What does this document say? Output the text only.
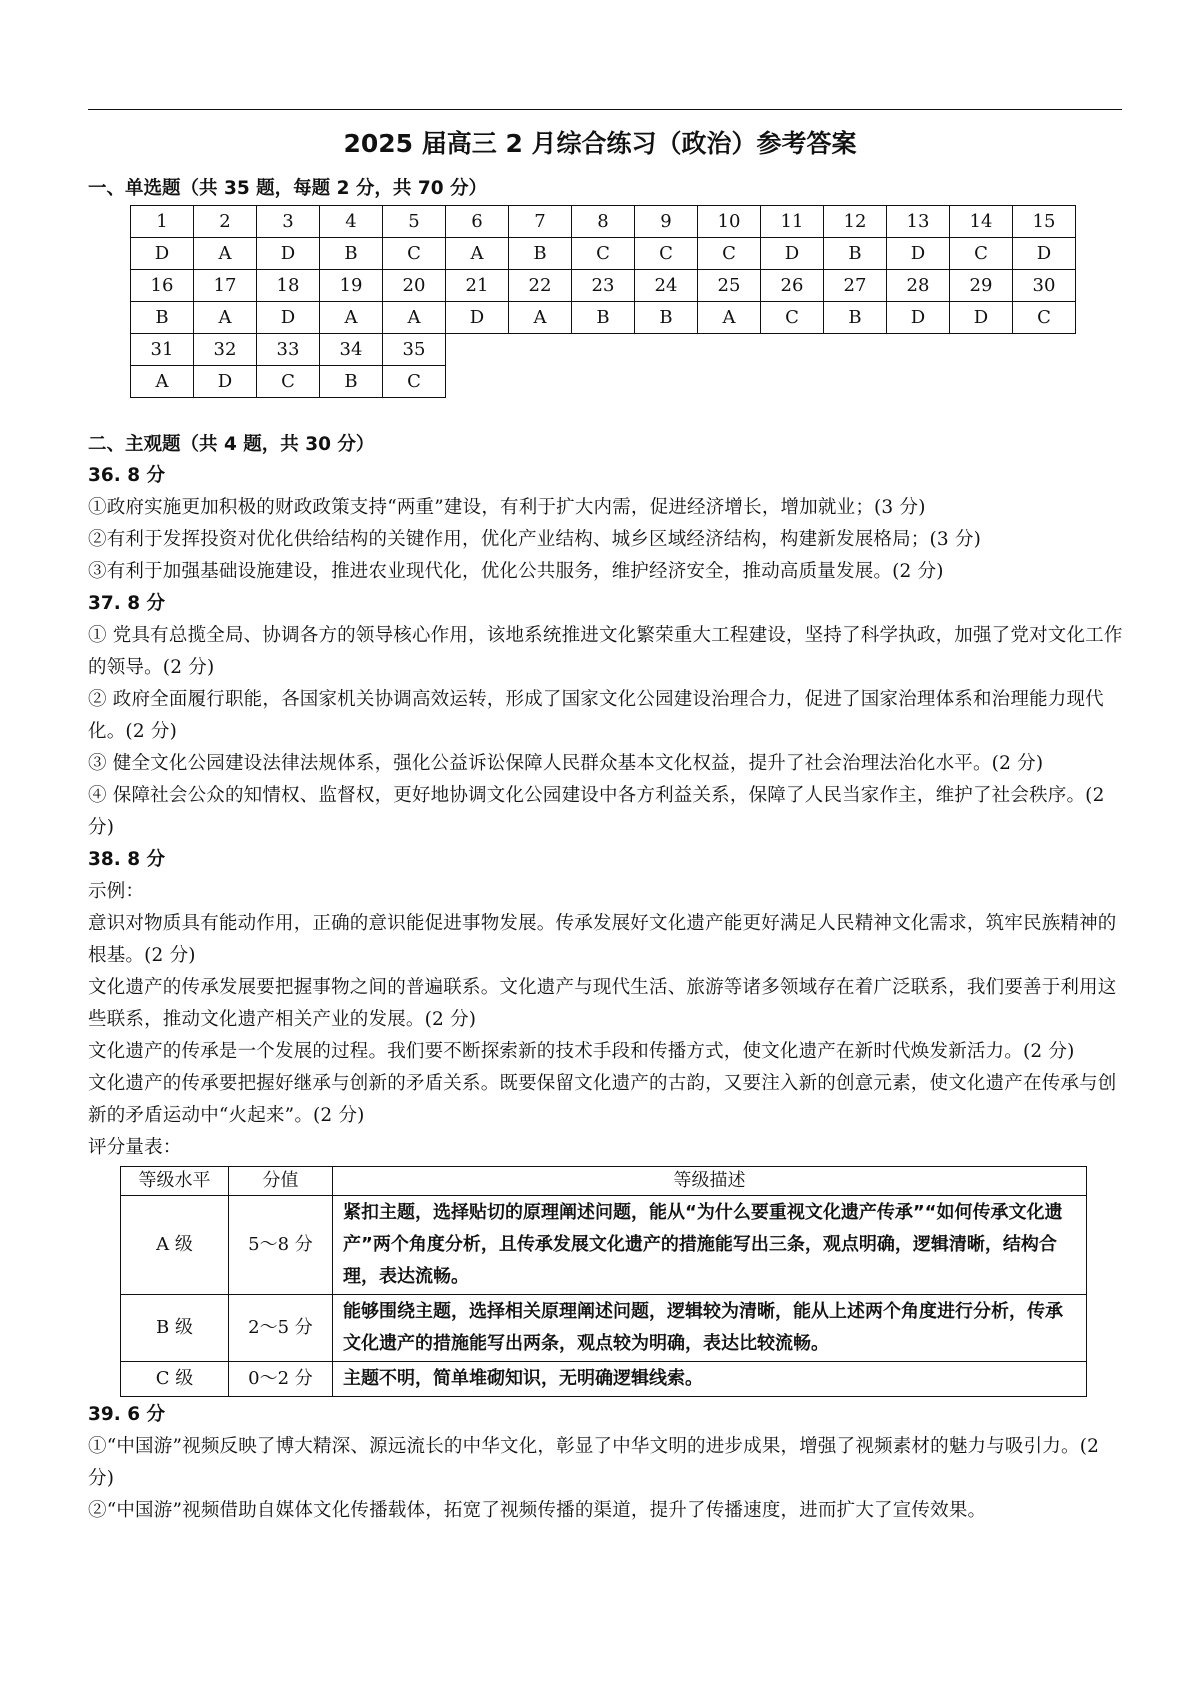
2025 届高三 2 月综合练习（政治）参考答案
一、单选题（共 35 题，每题 2 分，共 70 分）
1	2	3	4	5	6	7	8	9	10	11	12	13	14	15
D	A	D	B	C	A	B	C	C	C	D	B	D	C	D
16	17	18	19	20	21	22	23	24	25	26	27	28	29	30
B	A	D	A	A	D	A	B	B	A	C	B	D	D	C
31	32	33	34	35										
A	D	C	B	C										
二、主观题（共 4 题，共 30 分）
36. 8 分

①政府实施更加积极的财政政策支持“两重”建设，有利于扩大内需，促进经济增长，增加就业；(3 分)

②有利于发挥投资对优化供给结构的关键作用，优化产业结构、城乡区域经济结构，构建新发展格局；(3 分)

③有利于加强基础设施建设，推进农业现代化，优化公共服务，维护经济安全，推动高质量发展。(2 分)

37. 8 分

① 党具有总揽全局、协调各方的领导核心作用，该地系统推进文化繁荣重大工程建设，坚持了科学执政，加强了党对文化工作的领导。(2 分)

② 政府全面履行职能，各国家机关协调高效运转，形成了国家文化公园建设治理合力，促进了国家治理体系和治理能力现代化。(2 分)

③ 健全文化公园建设法律法规体系，强化公益诉讼保障人民群众基本文化权益，提升了社会治理法治化水平。(2 分)

④ 保障社会公众的知情权、监督权，更好地协调文化公园建设中各方利益关系，保障了人民当家作主，维护了社会秩序。(2 分)

38. 8 分

示例：

意识对物质具有能动作用，正确的意识能促进事物发展。传承发展好文化遗产能更好满足人民精神文化需求，筑牢民族精神的根基。(2 分)

文化遗产的传承发展要把握事物之间的普遍联系。文化遗产与现代生活、旅游等诸多领域存在着广泛联系，我们要善于利用这些联系，推动文化遗产相关产业的发展。(2 分)

文化遗产的传承是一个发展的过程。我们要不断探索新的技术手段和传播方式，使文化遗产在新时代焕发新活力。(2 分)

文化遗产的传承要把握好继承与创新的矛盾关系。既要保留文化遗产的古韵，又要注入新的创意元素，使文化遗产在传承与创新的矛盾运动中“火起来”。(2 分)

评分量表：

等级水平	分值	等级描述
A 级	5～8 分	紧扣主题，选择贴切的原理阐述问题，能从“为什么要重视文化遗产传承”“如何传承文化遗产”两个角度分析，且传承发展文化遗产的措施能写出三条，观点明确，逻辑清晰，结构合理，表达流畅。
B 级	2～5 分	能够围绕主题，选择相关原理阐述问题，逻辑较为清晰，能从上述两个角度进行分析，传承文化遗产的措施能写出两条，观点较为明确，表达比较流畅。
C 级	0～2 分	主题不明，简单堆砌知识，无明确逻辑线索。
39. 6 分

①“中国游”视频反映了博大精深、源远流长的中华文化，彰显了中华文明的进步成果，增强了视频素材的魅力与吸引力。(2 分)

②“中国游”视频借助自媒体文化传播载体，拓宽了视频传播的渠道，提升了传播速度，进而扩大了宣传效果。
